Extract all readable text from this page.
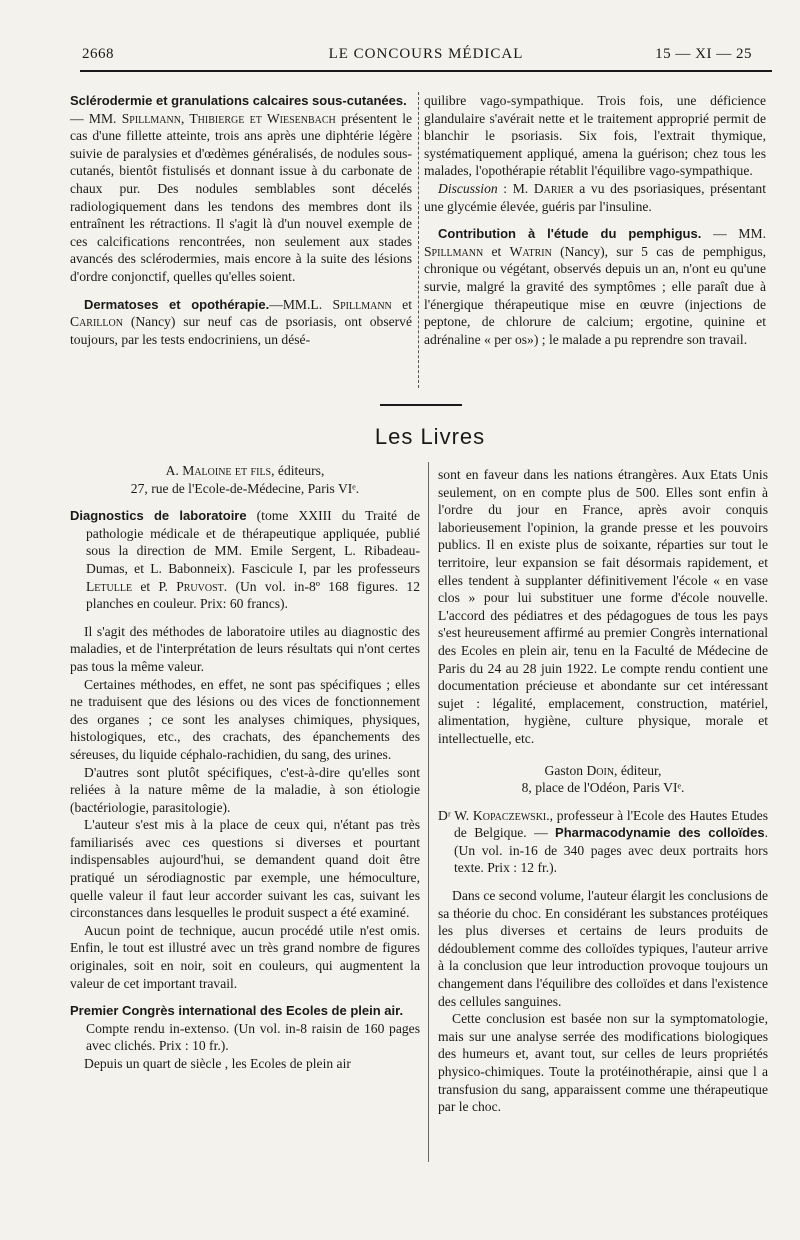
2668	LE CONCOURS MÉDICAL	15 — XI — 25

Sclérodermie et granulations calcaires sous-cutanées.
— MM. Spillmann, Thibierge et Wiesenbach présentent le cas d'une fillette atteinte, trois ans après une diphtérie légère suivie de paralysies et d'œdèmes généralisés, de nodules sous-cutanés, bientôt fistulisés et donnant issue à du carbonate de chaux pur. Des nodules semblables sont décelés radiologiquement dans les tendons des membres dont ils entraînent les rétractions. Il s'agit là d'un nouvel exemple de ces calcifications rencontrées, non seulement aux stades avancés des sclérodermies, mais encore à la suite des lésions d'ordre conjonctif, quelles qu'elles soient.

Dermatoses et opothérapie.—MM.L. Spillmann et Carillon (Nancy) sur neuf cas de psoriasis, ont observé toujours, par les tests endocriniens, un désé-

quilibre vago-sympathique. Trois fois, une déficience glandulaire s'avérait nette et le traitement approprié permit de blanchir le psoriasis. Six fois, l'extrait thymique, systématiquement appliqué, amena la guérison; chez tous les malades, l'opothérapie rétablit l'équilibre vago-sympathique.

Discussion : M. Darier a vu des psoriasiques, présentant une glycémie élevée, guéris par l'insuline.

Contribution à l'étude du pemphigus. — MM. Spillmann et Watrin (Nancy), sur 5 cas de pemphigus, chronique ou végétant, observés depuis un an, n'ont eu qu'une survie, malgré la gravité des symptômes ; elle paraît due à l'énergique thérapeutique mise en œuvre (injections de peptone, de chlorure de calcium; ergotine, quinine et adrénaline « per os») ; le malade a pu reprendre son travail.

Les Livres

A. Maloine et fils, éditeurs,
27, rue de l'Ecole-de-Médecine, Paris VIᵉ.

Diagnostics de laboratoire (tome XXIII du Traité de pathologie médicale et de thérapeutique appliquée, publié sous la direction de MM. Emile Sergent, L. Ribadeau-Dumas, et L. Babonneix). Fascicule I, par les professeurs Letulle et P. Pruvost. (Un vol. in-8º 168 figures. 12 planches en couleur. Prix: 60 francs).

Il s'agit des méthodes de laboratoire utiles au diagnostic des maladies, et de l'interprétation de leurs résultats qui n'ont certes pas tous la même valeur.

Certaines méthodes, en effet, ne sont pas spécifiques ; elles ne traduisent que des lésions ou des vices de fonctionnement des organes ; ce sont les analyses chimiques, physiques, histologiques, etc., des crachats, des épanchements des séreuses, du liquide céphalo-rachidien, du sang, des urines.

D'autres sont plutôt spécifiques, c'est-à-dire qu'elles sont reliées à la nature même de la maladie, à son étiologie (bactériologie, parasitologie).

L'auteur s'est mis à la place de ceux qui, n'étant pas très familiarisés avec ces questions si diverses et pourtant indispensables aujourd'hui, se demandent quand doit être pratiqué un sérodiagnostic par exemple, une hémoculture, quelle valeur il faut leur accorder suivant les cas, suivant les circonstances dans lesquelles le produit suspect a été examiné.

Aucun point de technique, aucun procédé utile n'est omis. Enfin, le tout est illustré avec un très grand nombre de figures originales, soit en noir, soit en couleurs, qui augmentent la valeur de cet important travail.

Premier Congrès international des Ecoles de plein air.
Compte rendu in-extenso. (Un vol. in-8 raisin de 160 pages avec clichés. Prix : 10 fr.).

Depuis un quart de siècle , les Ecoles de plein air

sont en faveur dans les nations étrangères. Aux Etats Unis seulement, on en compte plus de 500. Elles sont enfin à l'ordre du jour en France, après avoir conquis laborieusement l'opinion, la grande presse et les pouvoirs publics. Il en existe plus de soixante, réparties sur tout le territoire, leur expansion se fait désormais rapidement, et elles tendent à supplanter définitivement l'école « en vase clos » pour lui substituer une forme d'école nouvelle. L'accord des pédiatres et des pédagogues de tous les pays s'est heureusement affirmé au premier Congrès international des Ecoles en plein air, tenu en la Faculté de Médecine de Paris du 24 au 28 juin 1922. Le compte rendu contient une documentation précieuse et abondante sur cet intéressant sujet : légalité, emplacement, construction, matériel, alimentation, hygiène, culture physique, morale et intellectuelle, etc.

Gaston Doin, éditeur,
8, place de l'Odéon, Paris VIᵉ.

Dʳ W. Kopaczewski., professeur à l'Ecole des Hautes Etudes de Belgique. — Pharmacodynamie des colloïdes. (Un vol. in-16 de 340 pages avec deux portraits hors texte. Prix : 12 fr.).

Dans ce second volume, l'auteur élargit les conclusions de sa théorie du choc. En considérant les substances protéiques les plus diverses et certains de leurs produits de dédoublement comme des colloïdes typiques, l'auteur arrive à la conclusion que leur introduction provoque toujours un changement dans l'équilibre des colloïdes et dans l'existence des cellules sanguines.

Cette conclusion est basée non sur la symptomatologie, mais sur une analyse serrée des modifications biologiques des humeurs et, avant tout, sur celles de leurs propriétés physico-chimiques. Toute la protéinothérapie, ainsi que l a transfusion du sang, apparaissent comme une thérapeutique par le choc.
